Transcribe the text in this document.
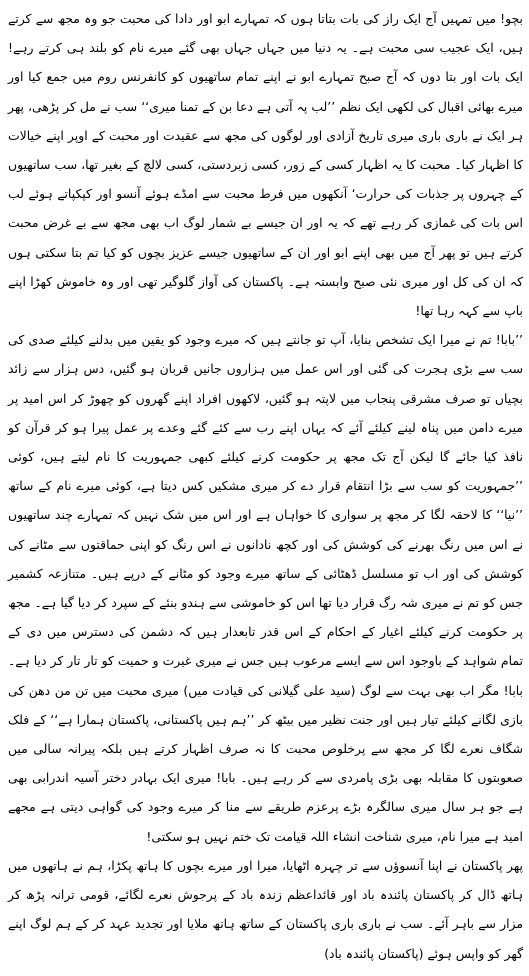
بچو! میں تمہیں آج ایک راز کی بات بتاتا ہوں کہ تمہارے ابو اور دادا کی محبت جو وہ مجھ سے کرتے ہیں، ایک عجیب سی محبت ہے۔ یہ دنیا میں جہاں جہاں بھی گئے میرے نام کو بلند ہی کرتے رہے! ایک بات اور بتا دوں کہ آج صبح تمہارے ابو نے اپنے تمام ساتھیوں کو کانفرنس روم میں جمع کیا اور میرے بھائی اقبال کی لکھی ایک نظم ’’لب پہ آتی ہے دعا بن کے تمنا میری‘‘ سب نے مل کر پڑھی، پھر ہر ایک نے باری باری میری تاریخ آزادی اور لوگوں کی مجھ سے عقیدت اور محبت کے اوپر اپنے خیالات کا اظہار کیا۔ محبت کا یہ اظہار کسی کے زور، کسی زبردستی، کسی لالچ کے بغیر تھا، سب ساتھیوں کے چہروں پر جذبات کی حرارت‘ آنکھوں میں فرط محبت سے امڈے ہوئے آنسو اور کپکپاتے ہوئے لب اس بات کی غمازی کر رہے تھے کہ یہ اور ان جیسے بے شمار لوگ اب بھی مجھ سے بے غرض محبت کرتے ہیں تو پھر آج میں بھی اپنے ابو اور ان کے ساتھیوں جیسے عزیز بچوں کو کیا تم بتا سکتی ہوں کہ ان کی کل اور میری نئی صبح وابستہ ہے۔ پاکستان کی آواز گلوگیر تھی اور وہ خاموش کھڑا اپنے باپ سے کہہ رہا تھا!

’’بابا! تم نے میرا ایک تشخص بنایا، آپ تو جانتے ہیں کہ میرے وجود کو یقین میں بدلنے کیلئے صدی کی سب سے بڑی ہجرت کی گئی اور اس عمل میں ہزاروں جانیں قربان ہو گئیں، دس ہزار سے زائد بچیاں تو صرف مشرقی پنجاب میں لاپتہ ہو گئیں، لاکھوں افراد اپنے گھروں کو چھوڑ کر اس امید پر میرے دامن میں پناہ لینے کیلئے آئے کہ یہاں اپنے رب سے کئے گئے وعدے پر عمل پیرا ہو کر قرآن کو نافذ کیا جائے گا لیکن آج تک مجھ پر حکومت کرنے کیلئے کبھی جمہوریت کا نام لیتے ہیں، کوئی ’’جمہوریت کو سب سے بڑا انتقام قرار دے کر میری مشکیں کس دیتا ہے، کوئی میرے نام کے ساتھ ’’نیا‘‘ کا لاحقہ لگا کر مجھ پر سواری کا خواہاں ہے اور اس میں شک نہیں کہ تمہارے چند ساتھیوں نے اس میں رنگ بھرنے کی کوشش کی اور کچھ نادانوں نے اس رنگ کو اپنی حماقتوں سے مٹانے کی کوشش کی اور اب تو مسلسل ڈھٹائی کے ساتھ میرے وجود کو مٹانے کے درپے ہیں۔ متنازعہ کشمیر جس کو تم نے میری شہ رگ قرار دیا تھا اس کو خاموشی سے ہندو بنئے کے سپرد کر دیا گیا ہے۔ مجھ پر حکومت کرنے کیلئے اغیار کے احکام کے اس قدر تابعدار ہیں کہ دشمن کی دسترس میں دی کے تمام شواہد کے باوجود اس سے ایسے مرعوب ہیں جس نے میری غیرت و حمیت کو تار تار کر دیا ہے۔ بابا! مگر اب بھی بہت سے لوگ (سید علی گیلانی کی قیادت میں) میری محبت میں تن من دھن کی بازی لگانے کیلئے تیار ہیں اور جنت نظیر میں بیٹھ کر ’’ہم ہیں پاکستانی، پاکستان ہمارا ہے‘‘ کے فلک شگاف نعرے لگا کر مجھ سے پرخلوص محبت کا نہ صرف اظہار کرتے ہیں بلکہ پیرانہ سالی میں صعوبتوں کا مقابلہ بھی بڑی پامردی سے کر رہے ہیں۔ بابا! میری ایک بہادر دختر آسیہ اندرابی بھی ہے جو ہر سال میری سالگرہ بڑے پرعزم طریقے سے منا کر میرے وجود کی گواہی دیتی ہے مجھے امید ہے میرا نام، میری شناخت انشاء اللہ قیامت تک ختم نہیں ہو سکتی!

پھر پاکستان نے اپنا آنسوؤں سے تر چہرہ اٹھایا، میرا اور میرے بچوں کا ہاتھ پکڑا، ہم نے ہاتھوں میں ہاتھ ڈال کر پاکستان پائندہ باد اور قائداعظم زندہ باد کے پرجوش نعرے لگائے، قومی ترانہ پڑھ کر مزار سے باہر آئے۔ سب نے باری باری پاکستان کے ساتھ ہاتھ ملایا اور تجدید عہد کر کے ہم لوگ اپنے گھر کو واپس ہوئے (پاکستان پائندہ باد)
